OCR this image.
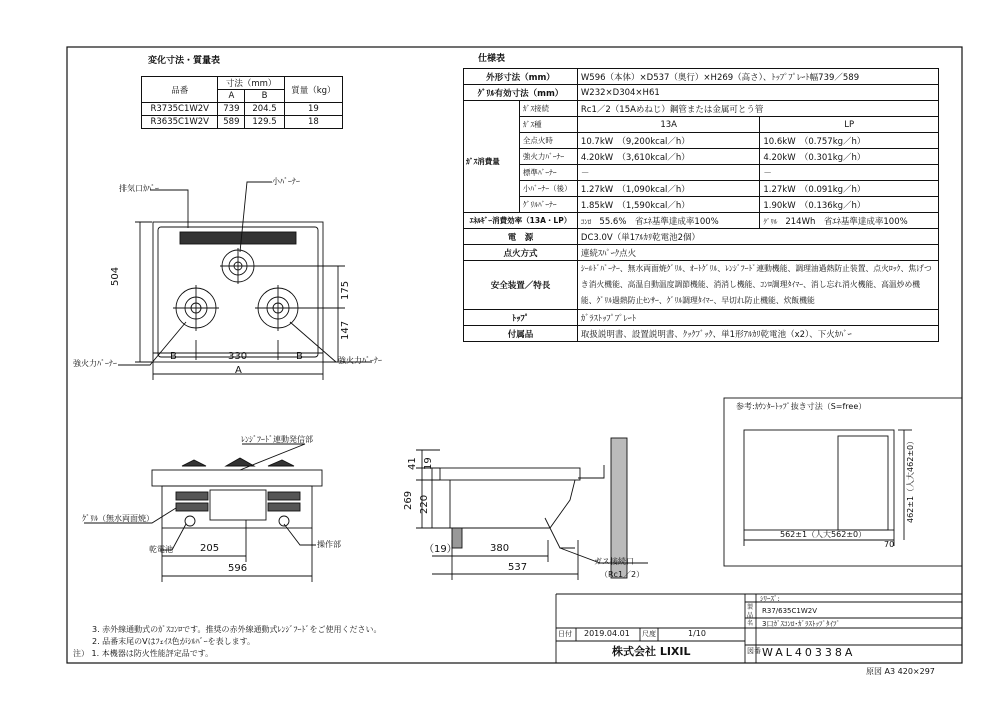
変化寸法・質量表
品番	寸法（mm）		質量（kg）
	A	B	
R3735C1W2V	739	204.5	19
R3635C1W2V	589	129.5	18
仕様表
外形寸法（mm）		W596（本体）×D537（奥行）×H269（高さ）、ﾄｯﾌﾟﾌﾟﾚｰﾄ幅739／589	
ｸﾞﾘﾙ有効寸法（mm）		W232×D304×H61	
	ｶﾞｽ接続	Rc1／2（15Aめねじ）鋼管または金属可とう管	
	ｶﾞｽ種	13A	LP
	全点火時	10.7kW　（9,200kcal／h）	10.6kW　（0.757kg／h）
	強火力ﾊﾞｰﾅｰ	4.20kW　（3,610kcal／h）	4.20kW　（0.301kg／h）
	標準ﾊﾞｰﾅｰ	－	－
	小ﾊﾞｰﾅｰ（後）	1.27kW　（1,090kcal／h）	1.27kW　（0.091kg／h）
	ｸﾞﾘﾙﾊﾞｰﾅｰ	1.85kW　（1,590kcal／h）	1.90kW　（0.136kg／h）
ｴﾈﾙｷﾞｰ消費効率（13A・LP）		ｺﾝﾛ 55.6%　省ｴﾈ基準達成率100%	ｸﾞﾘﾙ 214Wh　省ｴﾈ基準達成率100%
電　源		DC3.0V（単1ｱﾙｶﾘ乾電池2個）	
点火方式		連続ｽﾊﾟｰｸ点火	
安全装置／特長		ｼｰﾙﾄﾞﾊﾞｰﾅｰ、無水両面焼ｸﾞﾘﾙ、ｵｰﾄｸﾞﾘﾙ、ﾚﾝｼﾞﾌｰﾄﾞ連動機能、調理油過熱防止装置、点火ﾛｯｸ、焦げつき消火機能、高温自動温度調節機能、消消し機能、ｺﾝﾛ調理ﾀｲﾏｰ、消し忘れ消火機能、高温炒め機能、ｸﾞﾘﾙ過熱防止ｾﾝｻｰ、ｸﾞﾘﾙ調理ﾀｲﾏｰ、早切れ防止機能、炊飯機能	
ﾄｯﾌﾟ		ｶﾞﾗｽﾄｯﾌﾟﾌﾟﾚｰﾄ	
付属品		取扱説明書、設置説明書、ｸｯｸﾌﾞｯｸ、単1形ｱﾙｶﾘ乾電池（x2）、下火ｶﾊﾞｰ	
ｶﾞｽ消費量
排気口ｶﾊﾞｰ
小ﾊﾞｰﾅｰ
強火力ﾊﾞｰﾅｰ	強火力ﾊﾞｰﾅｰ
504
175
147
B	330	B
A
ﾚﾝｼﾞﾌｰﾄﾞ連動発信部
ｸﾞﾘﾙ（無水両面焼）
乾電池
操作部
205
596
41 19
269 220
（19）	380
537
ガス接続口
（Rc1／2）
参考:ｶｳﾝﾀｰﾄｯﾌﾟ抜き寸法（S=free）
562±1（人大562±0）
462±1（人大462±0）
70
3. 赤外線通動式のｶﾞｽｺﾝﾛです。推奨の赤外線通動式ﾚﾝｼﾞﾌｰﾄﾞをご使用ください。
2. 品番末尾のVはﾌｪｲｽ色がｼﾙﾊﾞｰを表します。
注） 1. 本機器は防火性能評定品です。
ｼﾘｰｽﾞ:
R37/635C1W2V
3口ｶﾞｽｺﾝﾛ･ｶﾞﾗｽﾄｯﾌﾟﾀｲﾌﾟ
製品名
日付 2019.04.01 尺度	1/10
株式会社 LIXIL	図番 WAL40338A
原図 A3 420×297
